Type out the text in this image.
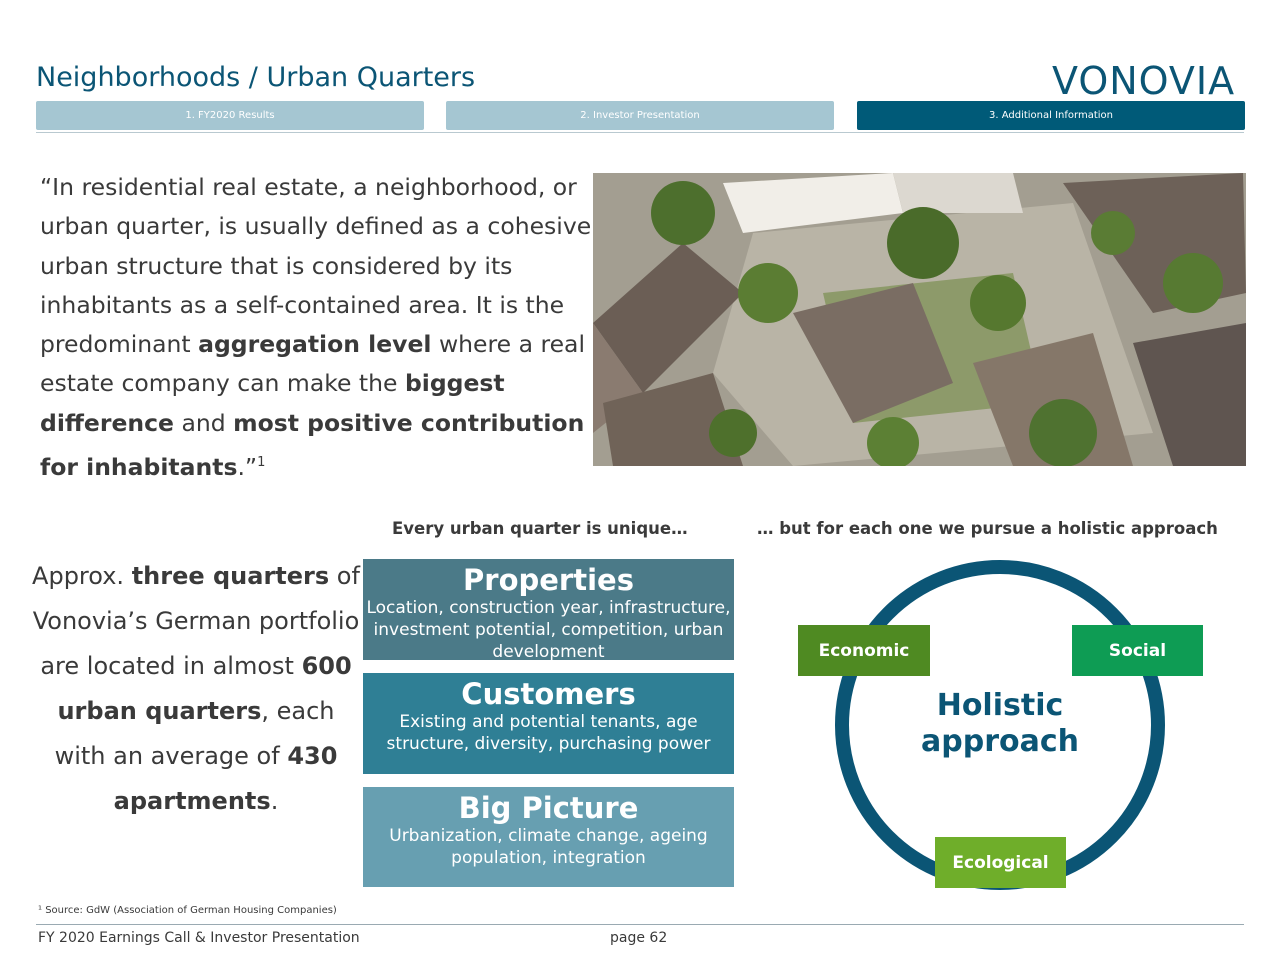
Neighborhoods / Urban Quarters	VONOVIA
1. FY2020 Results	2. Investor Presentation	3. Additional Information
“In residential real estate, a neighborhood, or urban quarter, is usually defined as a cohesive urban structure that is considered by its inhabitants as a self-contained area. It is the predominant aggregation level where a real estate company can make the biggest difference and most positive contribution for inhabitants.”$^1$
Every urban quarter is unique…	… but for each one we pursue a holistic approach
Approx. three quarters of Vonovia’s German portfolio are located in almost 600 urban quarters, each with an average of 430 apartments.
Properties
Location, construction year, infrastructure, investment potential, competition, urban development
Customers
Existing and potential tenants, age structure, diversity, purchasing power
Big Picture
Urbanization, climate change, ageing population, integration
Holistic
approach
Economic	Social
Ecological
¹ Source: GdW (Association of German Housing Companies)
FY 2020 Earnings Call & Investor Presentation	page 62
